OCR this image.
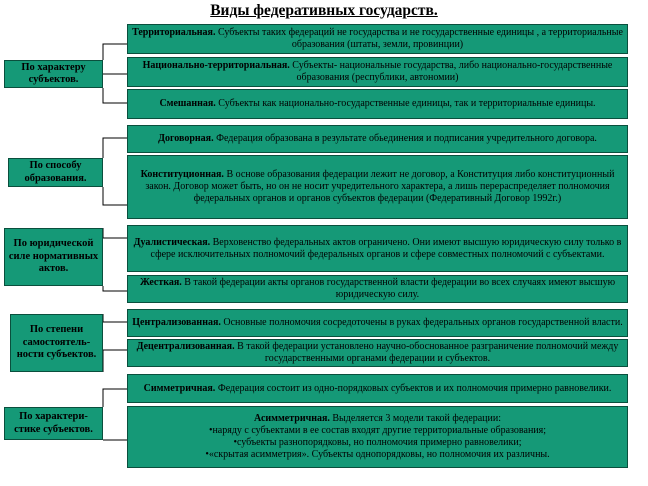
Виды федеративных государств.
По характеру субъектов.
По способу образования.
По юридической силе нормативных актов.
По степени самостоятель-ности субъектов.
По характери-стике субъектов.
Территориальная. Субъекты таких федераций не государства и не государственные единицы , а территориальные образования (штаты, земли, провинции)
Национально-территориальная. Субъекты- национальные государства, либо национально-государственные образования (республики, автономии)
Смешанная. Субъекты как национально-государственные единицы, так и территориальные единицы.
Договорная. Федерация образована в результате обьединения и подписания учредительного договора.
Конституционная. В основе образования федерации лежит не договор, а Конституция либо конституционный закон. Договор может быть, но он не носит учредительного характера, а лишь перераспределяет полномочия федеральных органов и органов субъектов федерации (Федеративный Договор 1992г.)
Дуалистическая. Верховенство федеральных актов ограничено. Они имеют высшую юридическую силу только в сфере исключительных полномочий федеральных органов и сфере совместных полномочий с субъектами.
Жесткая. В такой федерации акты органов государственной власти федерации во всех случаях имеют высшую юридическую силу.
Централизованная. Основные полномочия сосредоточены в руках федеральных органов государственной власти.
Децентрализованная. В такой федерации установлено научно-обоснованное разграничение полномочий между государственными органами федерации и субъектов.
Симметричная. Федерация состоит из одно-порядковых субъектов и их полномочия примерно равновелики.
Асимметричная. Выделяется 3 модели такой федерации:
•наряду с субъектами в ее состав входят другие территориальные образования;
•субъекты разнопорядковы, но полномочия примерно равновелики;
•«скрытая асимметрия». Субъекты однопорядковы, но полномочия их различны.
